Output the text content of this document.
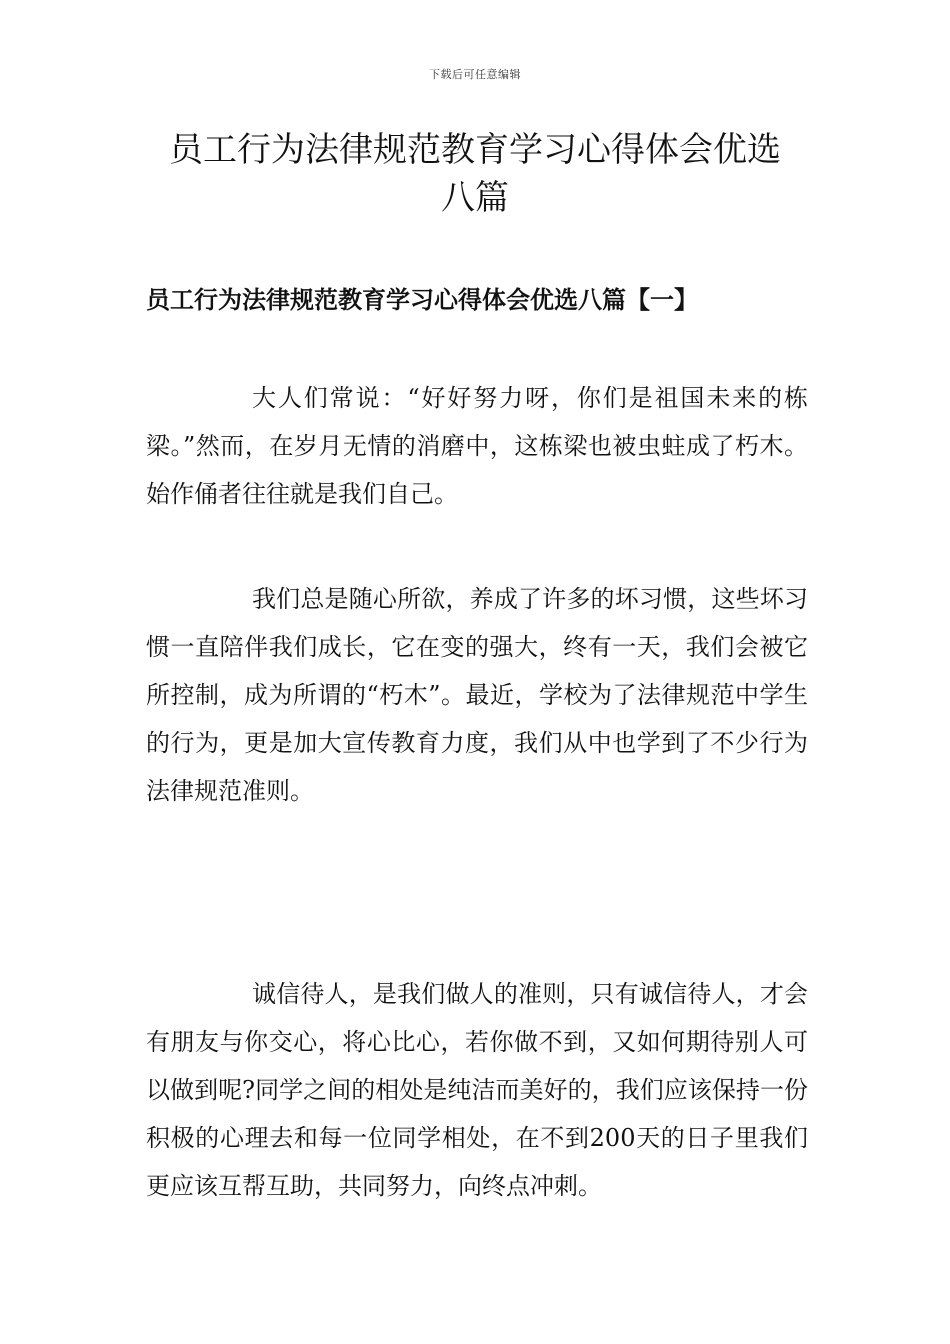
下载后可任意编辑
员工行为法律规范教育学习心得体会优选
八篇
员工行为法律规范教育学习心得体会优选八篇【一】

大人们常说：“好好努力呀，你们是祖国未来的栋梁。”然而，在岁月无情的消磨中，这栋梁也被虫蛀成了朽木。始作俑者往往就是我们自己。

我们总是随心所欲，养成了许多的坏习惯，这些坏习惯一直陪伴我们成长，它在变的强大，终有一天，我们会被它所控制，成为所谓的“朽木”。最近，学校为了法律规范中学生的行为，更是加大宣传教育力度，我们从中也学到了不少行为法律规范准则。

诚信待人，是我们做人的准则，只有诚信待人，才会有朋友与你交心，将心比心，若你做不到，又如何期待别人可以做到呢?同学之间的相处是纯洁而美好的，我们应该保持一份积极的心理去和每一位同学相处，在不到200天的日子里我们更应该互帮互助，共同努力，向终点冲刺。
